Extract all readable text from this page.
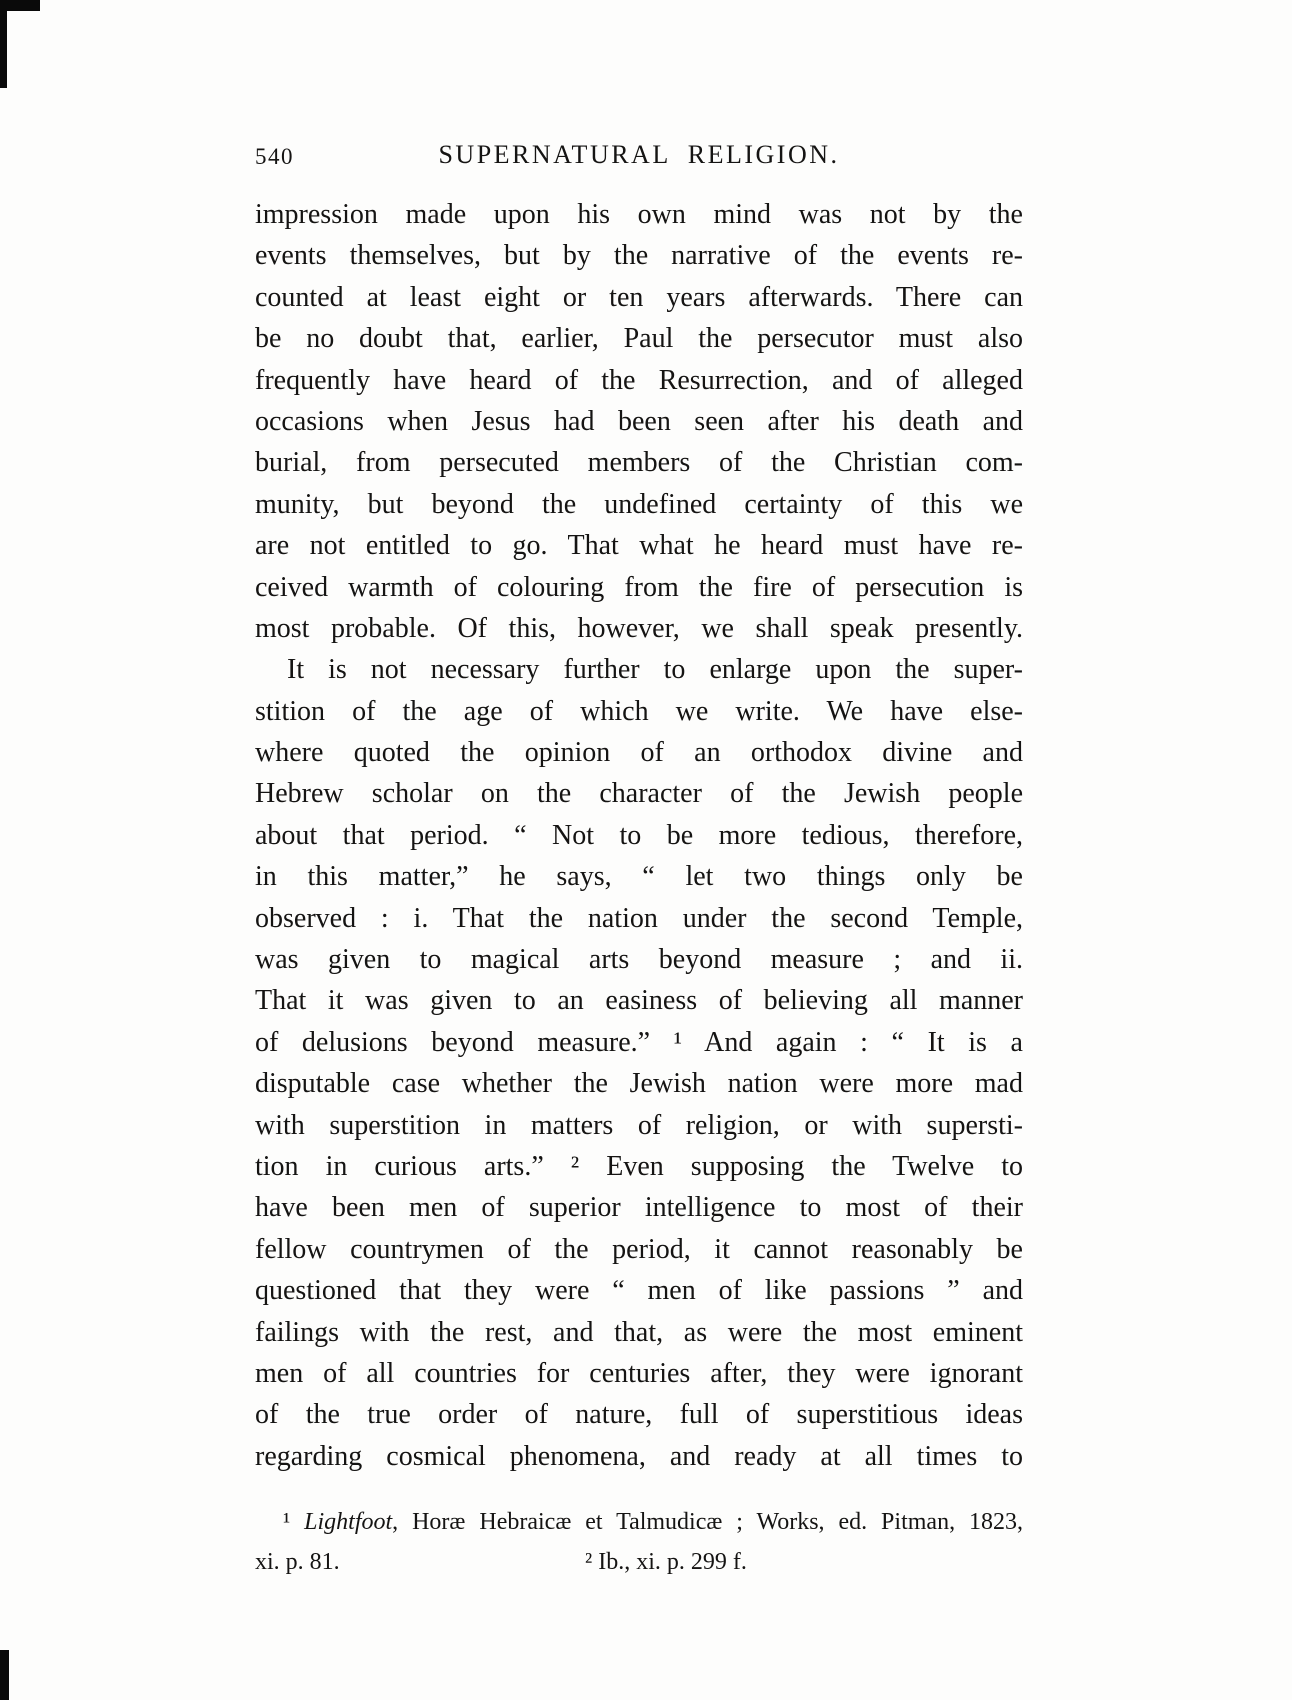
540	SUPERNATURAL RELIGION.
impression made upon his own mind was not by the
events themselves, but by the narrative of the events re-
counted at least eight or ten years afterwards. There can
be no doubt that, earlier, Paul the persecutor must also
frequently have heard of the Resurrection, and of alleged
occasions when Jesus had been seen after his death and
burial, from persecuted members of the Christian com-
munity, but beyond the undefined certainty of this we
are not entitled to go. That what he heard must have re-
ceived warmth of colouring from the fire of persecution is
most probable. Of this, however, we shall speak presently.
It is not necessary further to enlarge upon the super-
stition of the age of which we write. We have else-
where quoted the opinion of an orthodox divine and
Hebrew scholar on the character of the Jewish people
about that period. “ Not to be more tedious, therefore,
in this matter,” he says, “ let two things only be
observed : i. That the nation under the second Temple,
was given to magical arts beyond measure ; and ii.
That it was given to an easiness of believing all manner
of delusions beyond measure.” ¹ And again : “ It is a
disputable case whether the Jewish nation were more mad
with superstition in matters of religion, or with supersti-
tion in curious arts.” ² Even supposing the Twelve to
have been men of superior intelligence to most of their
fellow countrymen of the period, it cannot reasonably be
questioned that they were “ men of like passions ” and
failings with the rest, and that, as were the most eminent
men of all countries for centuries after, they were ignorant
of the true order of nature, full of superstitious ideas
regarding cosmical phenomena, and ready at all times to
¹ Lightfoot, Horæ Hebraicæ et Talmudicæ ; Works, ed. Pitman, 1823,
xi. p. 81.	² Ib., xi. p. 299 f.
